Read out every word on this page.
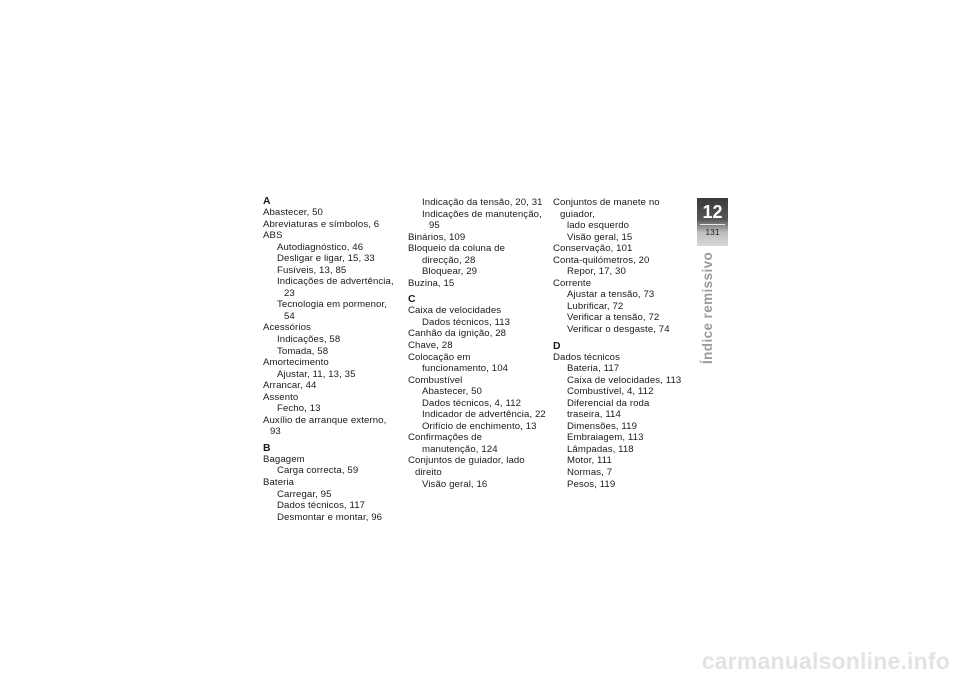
A
Abastecer, 50
Abreviaturas e símbolos, 6
ABS
Autodiagnóstico, 46
Desligar e ligar, 15, 33
Fusíveis, 13, 85
Indicações de advertência, 23
Tecnologia em pormenor, 54
Acessórios
Indicações, 58
Tomada, 58
Amortecimento
Ajustar, 11, 13, 35
Arrancar, 44
Assento
Fecho, 13
Auxílio de arranque externo, 93
B
Bagagem
Carga correcta, 59
Bateria
Carregar, 95
Dados técnicos, 117
Desmontar e montar, 96
Indicação da tensão, 20, 31
Indicações de manutenção, 95
Binários, 109
Bloqueio da coluna de
direcção, 28
Bloquear, 29
Buzina, 15
C
Caixa de velocidades
Dados técnicos, 113
Canhão da ignição, 28
Chave, 28
Colocação em
funcionamento, 104
Combustível
Abastecer, 50
Dados técnicos, 4, 112
Indicador de advertência, 22
Orifício de enchimento, 13
Confirmações de
manutenção, 124
Conjuntos de guiador, lado direito
Visão geral, 16
Conjuntos de manete no guiador,
lado esquerdo
Visão geral, 15
Conservação, 101
Conta-quilómetros, 20
Repor, 17, 30
Corrente
Ajustar a tensão, 73
Lubrificar, 72
Verificar a tensão, 72
Verificar o desgaste, 74
D
Dados técnicos
Bateria, 117
Caixa de velocidades, 113
Combustível, 4, 112
Diferencial da roda
traseira, 114
Dimensões, 119
Embraiagem, 113
Lâmpadas, 118
Motor, 111
Normas, 7
Pesos, 119
12
131
Índice remissivo
carmanualsonline.info
